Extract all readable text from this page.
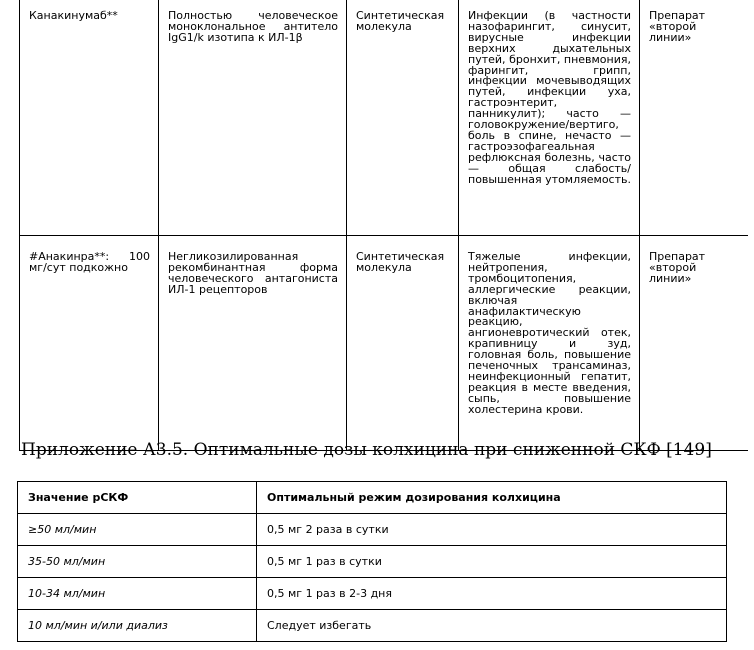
Канакинумаб**	Полностью человеческое моноклональное антитело IgG1/k изотипа к ИЛ-1β	Синтетическая молекула	Инфекции (в частности назофарингит, синусит, вирусные инфекции верхних дыхательных путей, бронхит, пневмония, фарингит, грипп, инфекции мочевыводящих путей, инфекции уха, гастроэнтерит, панникулит); часто — головокружение/вертиго, боль в спине, нечасто — гастроэзофагеальная рефлюксная болезнь, часто — общая слабость/повышенная утомляемость.	Препарат «второй линии»
#Анакинра**: 100 мг/сут подкожно	Негликозилированная рекомбинантная форма человеческого антагониста ИЛ-1 рецепторов	Синтетическая молекула	Тяжелые инфекции, нейтропения, тромбоцитопения, аллергические реакции, включая анафилактическую реакцию, ангионевротический отек, крапивницу и зуд, головная боль, повышение печеночных трансаминаз, неинфекционный гепатит, реакция в месте введения, сыпь, повышение холестерина крови.	Препарат «второй линии»
Приложение А3.5. Оптимальные дозы колхицина при сниженной СКФ [149]
Значение рСКФ	Оптимальный режим дозирования колхицина
≥50 мл/мин	0,5 мг 2 раза в сутки
35-50 мл/мин	0,5 мг 1 раз в сутки
10-34 мл/мин	0,5 мг 1 раз в 2-3 дня
10 мл/мин и/или диализ	Следует избегать
